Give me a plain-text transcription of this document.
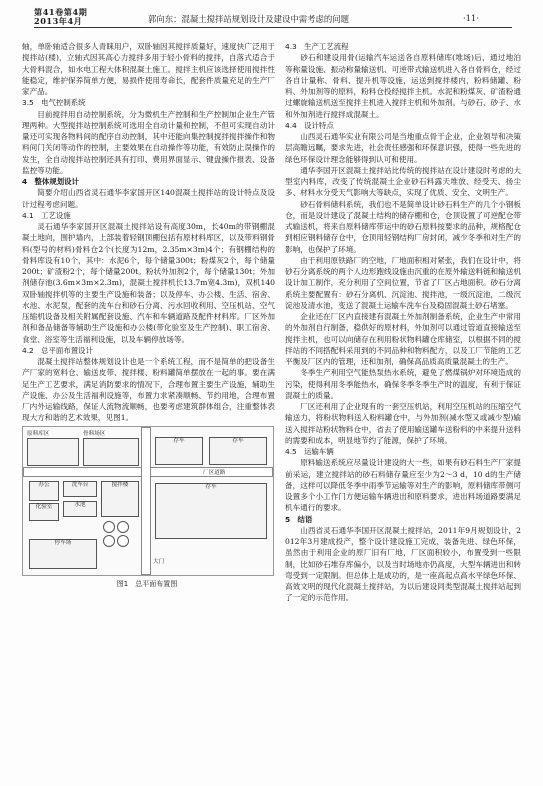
第41卷第4期
2013年4月	郭向东：混凝土搅拌站规划设计及建设中需考虑的问题	·11·

轴，单卧轴适合很多人青睐用户，双卧轴因其搅拌质量好，速度快广泛用于搅拌站(楼)，立轴式因其高心力搅拌多用于轻小骨料的搅拌，自落式适合于大骨料混合，如水电工程大体积混凝土施工。搅拌主机应该选择使用搅拌性能稳定，维护保养简单方便，易损件使用寿命长，配套件质量充足的生产厂家产品。

3.5　电气控制系统

目前搅拌用自动控制系统，分为微机生产控制和生产控制加企业生产管理两种。大型搅拌站控制系统可选用全自动计量和控制，不但可实现自动计量还可实现各物料间的配序自动控制，其中还能向集控制搅拌搅拌操作和物料间门关闭等动作的控制，主要效果在自动操作等功能，有效防止误操作的发生，全自动搅拌站控制还具有打印、费用界面显示、键盘操作报表、设备监控等功能。

4　整体规划设计

简要介绍山西省灵石通华李家国开区140混凝土搅拌站的设计特点及设计过程考虑问题。

4.1　工艺设施

灵石通华李家国开区混凝土搅拌站设有高度30m，长40m的带钢棚混凝土地向，围护墙内，上部装着轻钢顶棚包括有原材料库区，以及带料钢骨料(型号的材料)骨料仓2个(长度为12m，2.35m×3m)4个；有钢棚结构的骨料库设有10个，其中：水泥6个，每个储量300t；粉煤灰2个，每个储量200t；矿渣粉2个，每个储量200t。粉状外加剂2个，每个储量130t；外加剂储存池(3.6m×3m×2.3m)，混凝土搅拌机长13.7m宽4.3m)，双机140双卧轴搅拌机等的主要生产设施和装备；以及停车、办公楼、生活、宿舍、水池、水泥泵，配套的洗车台和砂石分离、污水回收利用、空压机站、空气压缩机设备及相关附属配套设施、汽车和车辆道路及配件材料库。厂区外加剂和备品储备等辅助生产设施和办公楼(带化验室及生产控制)、职工宿舍、食堂、浴室等生活福利设施，以及车辆停放场等。

4.2　总平面布置设计

混凝土搅拌站整体规划设计也是一个系统工程，而不是简单的把设备生产厂家的宽料仓、输送皮带、搅拌楼、粉料罐简单摆放在一起的事。要在满足生产工艺要求，满足消防要求的情况下，合理布置主要生产设施，辅助生产设施、办公及生活福利设施等，布置力求紧凑顺畅、节约用地，合理布置厂内外运输线路，保证人流物流顺畅，也要考虑建筑群体组合，注重整体表现大方和谐的艺术效果，见图1。

原料库区	骨料场区
办公
化验室
洗车台
水池
搅拌楼
停车场
存车	存车
存车
大门
厂区道路
图1　总平面布置图

4.3　生产工艺流程

砂石和建设用骨(运输汽车运送各自原料储库(堆场)后，通过地泊等称量设施、振动称量输送机、可逆带式输送机进入各自骨料仓，经过各自计量称、骨料、提升机等设施，运送到搅拌楼内，粉料储罐、粉料、外加剂等的原料，粉料仓投经搅拌主机。水泥和粉煤灰、矿渣粉通过螺旋输送机送至搅拌主机进入搅拌主机和外加剂。与砂石、砂子、水和外加剂进行搅拌成混凝土。

4.4　设计特点

山西灵石通华实业有限公司是当地重点骨干企业，企业领导和决策层高瞻远瞩，要求先进，社会责任感强和环保意识强，使得一些先进的绿色环保设计理念能够得到认可和使用。

通华李国开区混凝土搅拌站比传统的搅拌站在设计建设时考虑的大型室内料库，改变了传统混凝土企业砂石料露天堆放、经受天、扬尘多、材料水分受天气影响大等缺点，实现了优质、安全、文明生产。

砂石骨料储料系统，我们也不是简单设计砂石料生产的几个小钢板仓，而是设计建设了混凝土结构的储存棚和仓，仓顶设置了可逆配仓带式输送机，将来自原料储库带运中的砂石原料按要求的品种，规格配仓到相应钢料储存仓中，仓顶用轻钢结构厂房封闭，减少冬季和对生产的影响，也保护了环境。

由于利用原铁路厂的空地，厂地面积相对紧张，我们在设计中，将砂石分离系统的两个人边形跑线设施由沉重的在原外输送料链和输送机设计加工制作，充分利用了空间位置，节省了厂区占地面积。砂石分离系统主要配置有：砂石分离机、沉淀池、搅拌池，一级沉淀池，二级沉淀池及清水池，变送了混凝土运输车洗车台及稳固混凝土砂石堵塞。

企业还在厂区内直接建有混凝土外加剂制备系统，企业生产中常用的外加剂自行制备，稳供好的原材料，外加剂可以通过管道直接输送至搅拌主机，也可以向储存在利用粉状物料罐仓库储室，以根据不同的搅拌站的不同搭配料采用到的不同品种和物料配方，以及工厂节能的工艺平衡及厂区内的管理，还和加剂，确保高品质高质量混凝土的生产。

冬季生产利用空气能热泵热水系统，避免了燃煤锅炉对环境造成的污染，使得利用冬季能热水，确保冬季冬季生产时的温度，有利于保证混凝土的质量。

厂区还利用了企业现有的一套空压机站，利用空压机站的压缩空气输送力，将粉状物料送入粉料罐仓中，与外加剂(减水型又或减少型)输送入搅拌站粉状物料仓中，省去了使用输送罐车送粉料的中来提升送料的需要和成本，明显地节约了能源，保护了环境。

4.5　运输车辆

原料输送系统应尽量设计建设的大一些，如果有砂石料生产厂家提前采运，建立搅拌站的砂石料储存量应至少为2～3 d，10 d的生产储备，这样可以降低冬季中雨季节运输等对生产的影响，原料储库带侧可设置多个小工作门方便运输车辆进出和原料要求，进出料场道路要满足机车通行的要求。

5　结语

山西省灵石通华李国开区混凝土搅拌站，2011年9月规划设计，2012年3月建成投产，整个设计建设施工完成、装备先进、绿色环保，虽然由于利用企业的原厂旧有厂地，厂区面积较小，布置受到一些限制，比如砂石堆存库偏小，以及当时场地亦仍高度，大型车辆进出和转弯受到一定限制。但总体上是成功的，是一座高起点高水平绿色环保、高效文明的现代化混凝土搅拌站，为以后建设同类型混凝土搅拌站起到了一定的示范作用。
